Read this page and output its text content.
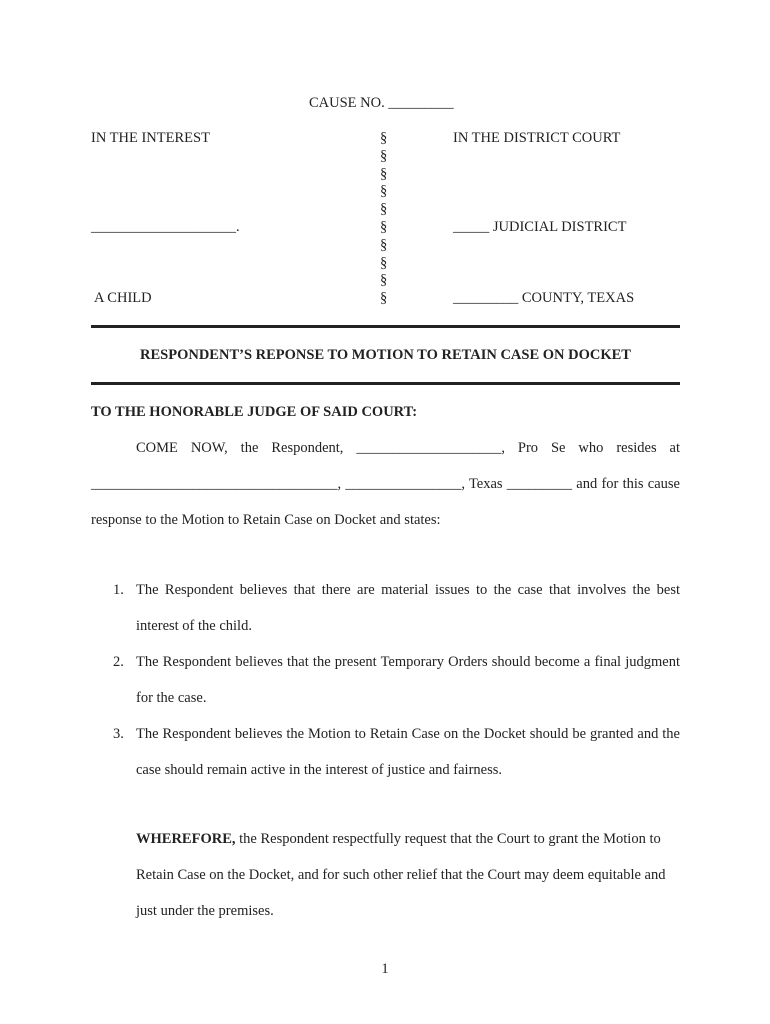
CAUSE NO. _________
IN THE INTEREST
____________________.
A CHILD
IN THE DISTRICT COURT
_____ JUDICIAL DISTRICT
_________ COUNTY, TEXAS
§
§
§
§
§
§
§
§
§
§
RESPONDENT’S REPONSE TO MOTION TO RETAIN CASE ON DOCKET
TO THE HONORABLE JUDGE OF SAID COURT:
COME NOW, the Respondent, ____________________, Pro Se who resides at __________________________________, ________________, Texas _________ and for this cause response to the Motion to Retain Case on Docket and states:
1. The Respondent believes that there are material issues to the case that involves the best interest of the child.
2. The Respondent believes that the present Temporary Orders should become a final judgment for the case.
3. The Respondent believes the Motion to Retain Case on the Docket should be granted and the case should remain active in the interest of justice and fairness.
WHEREFORE, the Respondent respectfully request that the Court to grant the Motion to Retain Case on the Docket, and for such other relief that the Court may deem equitable and just under the premises.
1
